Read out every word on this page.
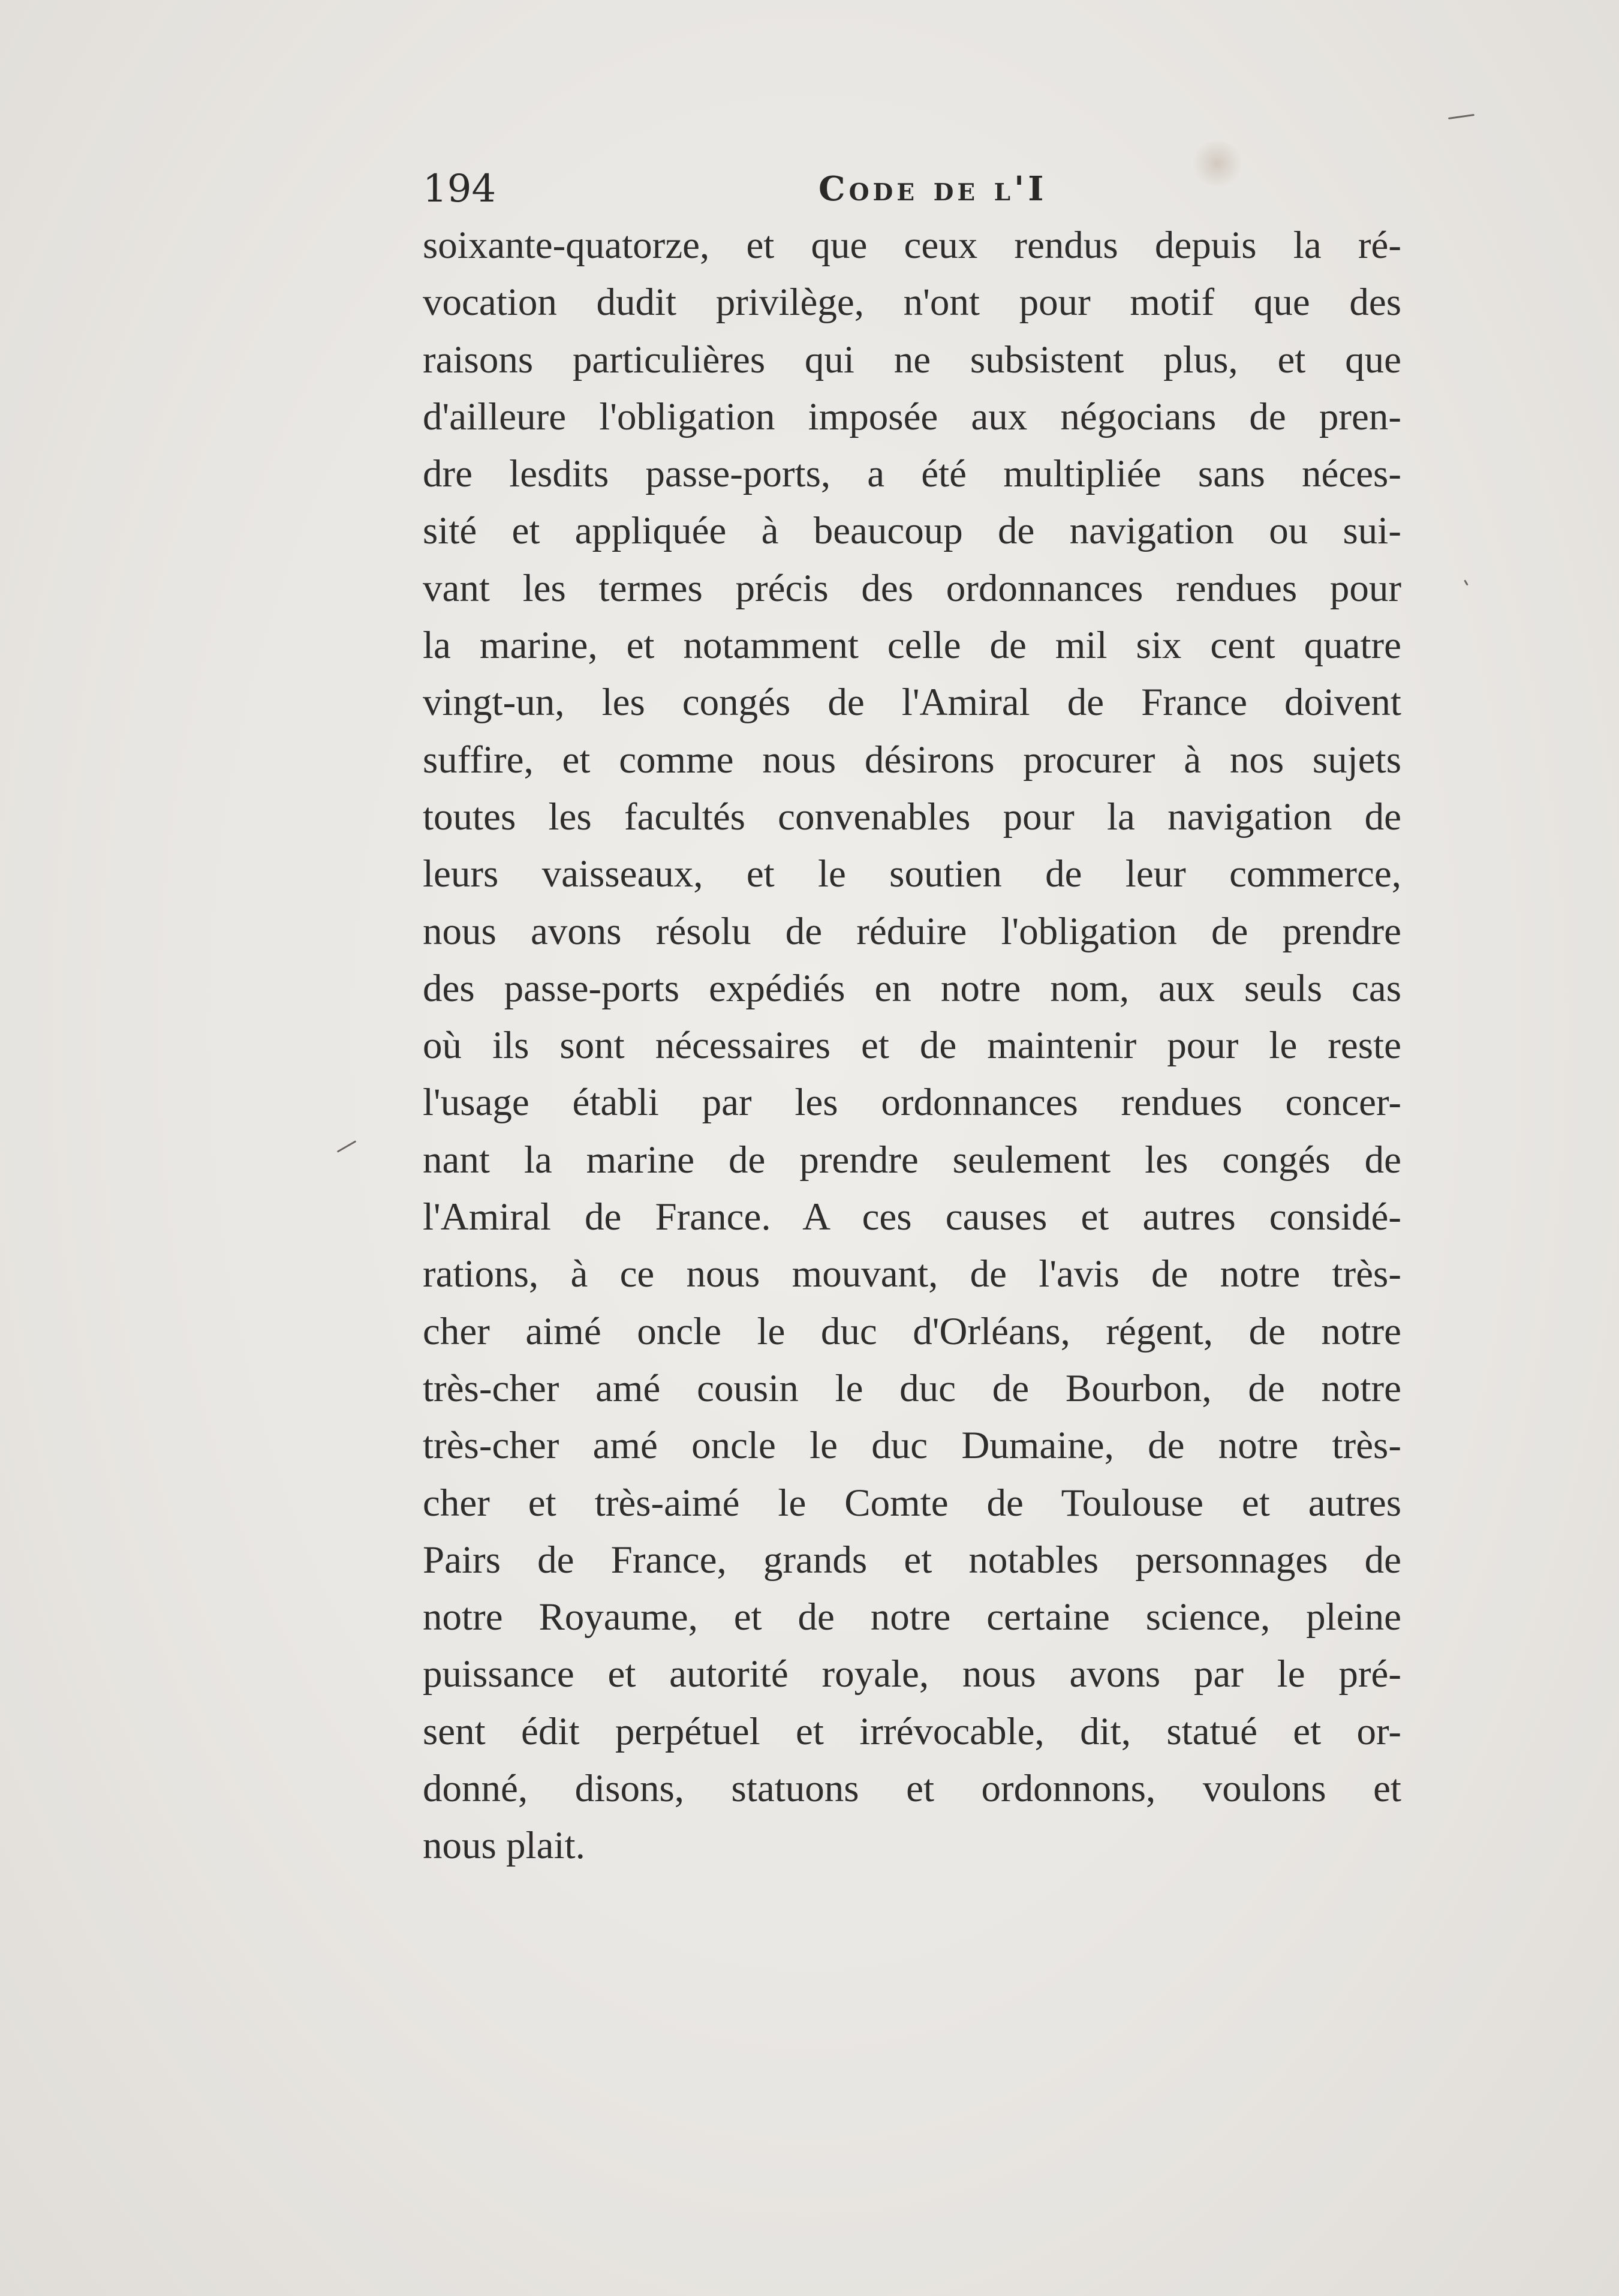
194	Code de l'I
soixante-quatorze, et que ceux rendus depuis la ré-
vocation dudit privilège, n'ont pour motif que des
raisons particulières qui ne subsistent plus, et que
d'ailleure l'obligation imposée aux négocians de pren-
dre lesdits passe-ports, a été multipliée sans néces-
sité et appliquée à beaucoup de navigation ou sui-
vant les termes précis des ordonnances rendues pour
la marine, et notamment celle de mil six cent quatre
vingt-un, les congés de l'Amiral de France doivent
suffire, et comme nous désirons procurer à nos sujets
toutes les facultés convenables pour la navigation de
leurs vaisseaux, et le soutien de leur commerce,
nous avons résolu de réduire l'obligation de prendre
des passe-ports expédiés en notre nom, aux seuls cas
où ils sont nécessaires et de maintenir pour le reste
l'usage établi par les ordonnances rendues concer-
nant la marine de prendre seulement les congés de
l'Amiral de France. A ces causes et autres considé-
rations, à ce nous mouvant, de l'avis de notre très-
cher aimé oncle le duc d'Orléans, régent, de notre
très-cher amé cousin le duc de Bourbon, de notre
très-cher amé oncle le duc Dumaine, de notre très-
cher et très-aimé le Comte de Toulouse et autres
Pairs de France, grands et notables personnages de
notre Royaume, et de notre certaine science, pleine
puissance et autorité royale, nous avons par le pré-
sent édit perpétuel et irrévocable, dit, statué et or-
donné, disons, statuons et ordonnons, voulons et
nous plait.
